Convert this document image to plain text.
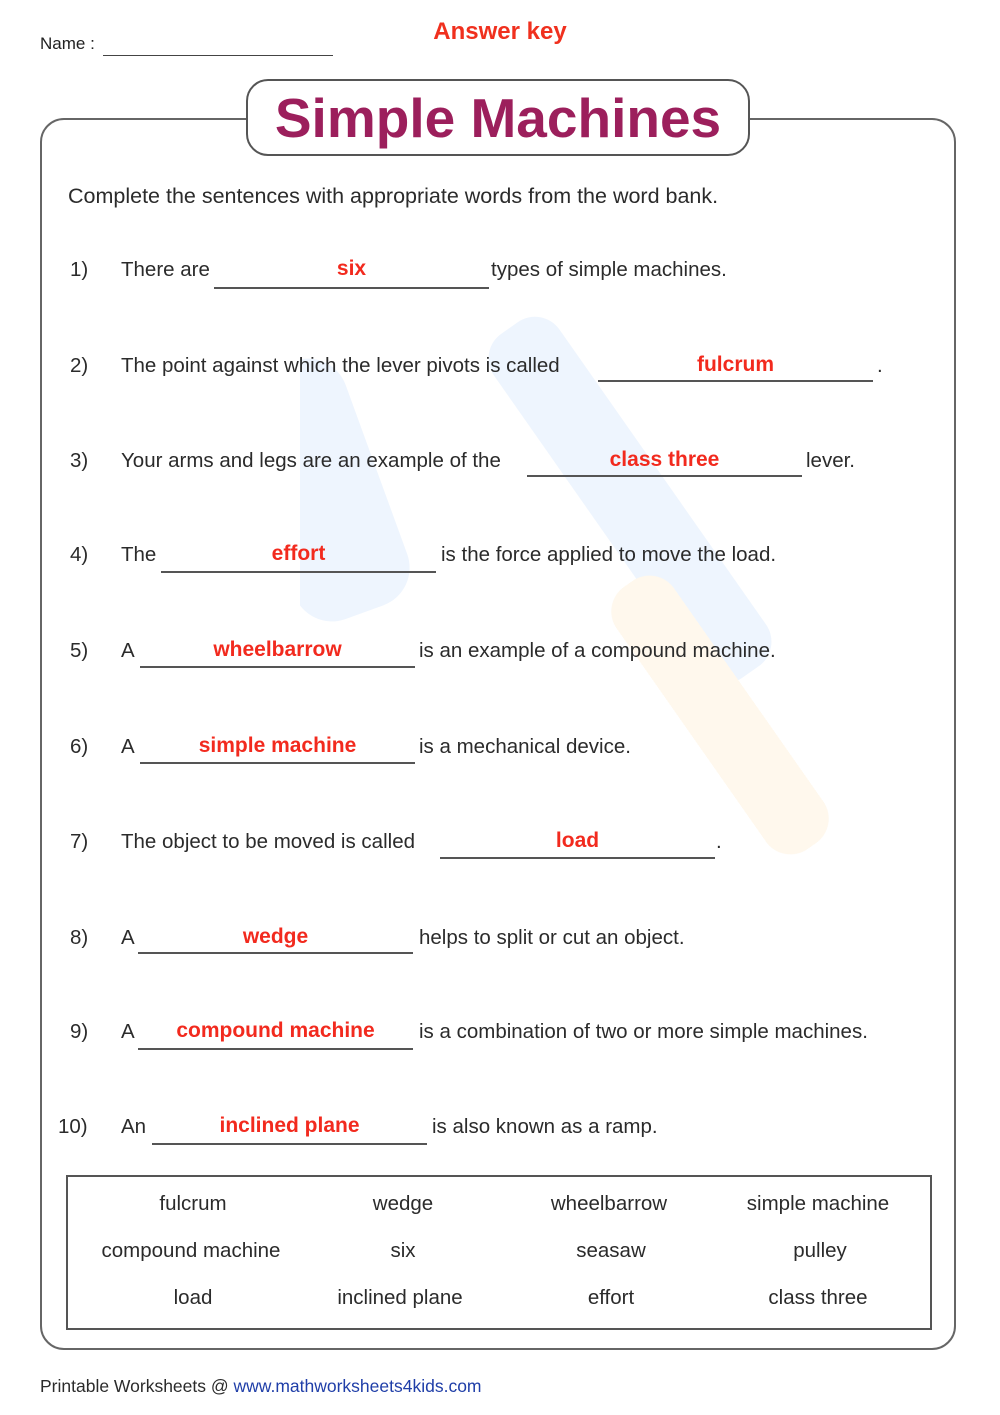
Name :	Answer key
Simple Machines
Complete the sentences with appropriate words from the word bank.
1) There are	six	types of simple machines.
2) The point against which the lever pivots is called	fulcrum	.
3) Your arms and legs are an example of the	class three	lever.
4) The	effort	is the force applied to move the load.
5) A	wheelbarrow	is an example of a compound machine.
6) A	simple machine	is a mechanical device.
7) The object to be moved is called	load	.
8) A	wedge	helps to split or cut an object.
9) A	compound machine	is a combination of two or more simple machines.
10) An	inclined plane	is also known as a ramp.
fulcrum	wedge	wheelbarrow	simple machine
compound machine	six	seasaw	pulley
load	inclined plane	effort	class three
Printable Worksheets @ www.mathworksheets4kids.com
